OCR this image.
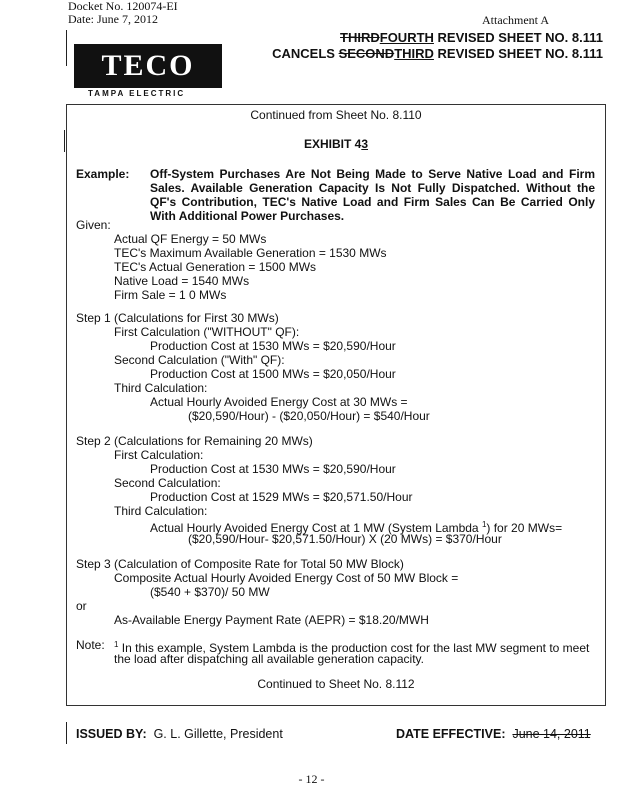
Docket No. 120074-EI
Date: June 7, 2012	Attachment A
THIRDFOURTH REVISED SHEET NO. 8.111
CANCELS SECONDTHIRD REVISED SHEET NO. 8.111
TECO
TAMPA ELECTRIC
Continued from Sheet No. 8.110
EXHIBIT 43
Example: Off-System Purchases Are Not Being Made to Serve Native Load and Firm Sales. Available Generation Capacity Is Not Fully Dispatched. Without the QF's Contribution, TEC's Native Load and Firm Sales Can Be Carried Only With Additional Power Purchases.
Given:
Actual QF Energy = 50 MWs
TEC's Maximum Available Generation = 1530 MWs
TEC's Actual Generation = 1500 MWs
Native Load = 1540 MWs
Firm Sale = 1 0 MWs
Step 1 (Calculations for First 30 MWs)
First Calculation ("WITHOUT" QF):
Production Cost at 1530 MWs = $20,590/Hour
Second Calculation ("With" QF):
Production Cost at 1500 MWs = $20,050/Hour
Third Calculation:
Actual Hourly Avoided Energy Cost at 30 MWs =
($20,590/Hour) - ($20,050/Hour) = $540/Hour
Step 2 (Calculations for Remaining 20 MWs)
First Calculation:
Production Cost at 1530 MWs = $20,590/Hour
Second Calculation:
Production Cost at 1529 MWs = $20,571.50/Hour
Third Calculation:
Actual Hourly Avoided Energy Cost at 1 MW (System Lambda $^1$) for 20 MWs=
($20,590/Hour- $20,571.50/Hour) X (20 MWs) = $370/Hour
Step 3 (Calculation of Composite Rate for Total 50 MW Block)
Composite Actual Hourly Avoided Energy Cost of 50 MW Block =
($540 + $370)/ 50 MW
or
As-Available Energy Payment Rate (AEPR) = $18.20/MWH
Note: $^1$ In this example, System Lambda is the production cost for the last MW segment to meet
the load after dispatching all available generation capacity.
Continued to Sheet No. 8.112
ISSUED BY: G. L. Gillette, President	DATE EFFECTIVE: June 14, 2011
- 12 -
